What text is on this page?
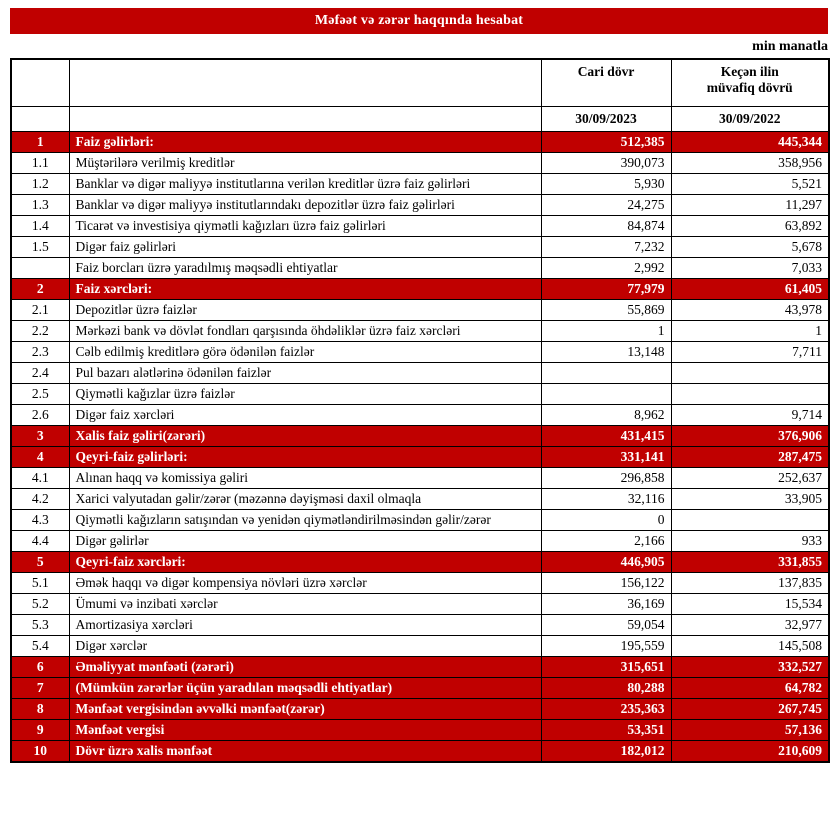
Məfəət və zərər haqqında hesabat
min manatla

		Cari dövr	Keçən ilin
müvafiq dövrü

		30/09/2023	30/09/2022
1	Faiz gəlirləri:	512,385	445,344
1.1	Müştərilərə verilmiş kreditlər	390,073	358,956
1.2	Banklar və digər maliyyə institutlarına verilən kreditlər üzrə faiz gəlirləri	5,930	5,521
1.3	Banklar və digər maliyyə institutlarındakı depozitlər üzrə faiz gəlirləri	24,275	11,297
1.4	Ticarət və investisiya qiymətli kağızları üzrə faiz gəlirləri	84,874	63,892
1.5	Digər faiz gəlirləri	7,232	5,678
	Faiz borcları üzrə yaradılmış məqsədli ehtiyatlar	2,992	7,033
2	Faiz xərcləri:	77,979	61,405
2.1	Depozitlər üzrə faizlər	55,869	43,978
2.2	Mərkəzi bank və dövlət fondları qarşısında öhdəliklər üzrə faiz xərcləri	1	1
2.3	Cəlb edilmiş kreditlərə görə ödənilən faizlər	13,148	7,711
2.4	Pul bazarı alətlərinə ödənilən faizlər		
2.5	Qiymətli kağızlar üzrə faizlər		
2.6	Digər faiz xərcləri	8,962	9,714
3	Xalis faiz gəliri(zərəri)	431,415	376,906
4	Qeyri-faiz gəlirləri:	331,141	287,475
4.1	Alınan haqq və komissiya gəliri	296,858	252,637
4.2	Xarici valyutadan gəlir/zərər (məzənnə dəyişməsi daxil olmaqla	32,116	33,905
4.3	Qiymətli kağızların satışından və yenidən qiymətləndirilməsindən gəlir/zərər	0	
4.4	Digər gəlirlər	2,166	933
5	Qeyri-faiz xərcləri:	446,905	331,855
5.1	Əmək haqqı və digər kompensiya növləri üzrə xərclər	156,122	137,835
5.2	Ümumi və inzibati xərclər	36,169	15,534
5.3	Amortizasiya xərcləri	59,054	32,977
5.4	Digər xərclər	195,559	145,508
6	Əməliyyat mənfəəti (zərəri)	315,651	332,527
7	(Mümkün zərərlər üçün yaradılan məqsədli ehtiyatlar)	80,288	64,782
8	Mənfəət vergisindən əvvəlki mənfəət(zərər)	235,363	267,745
9	Mənfəət vergisi	53,351	57,136
10	Dövr üzrə xalis mənfəət	182,012	210,609
